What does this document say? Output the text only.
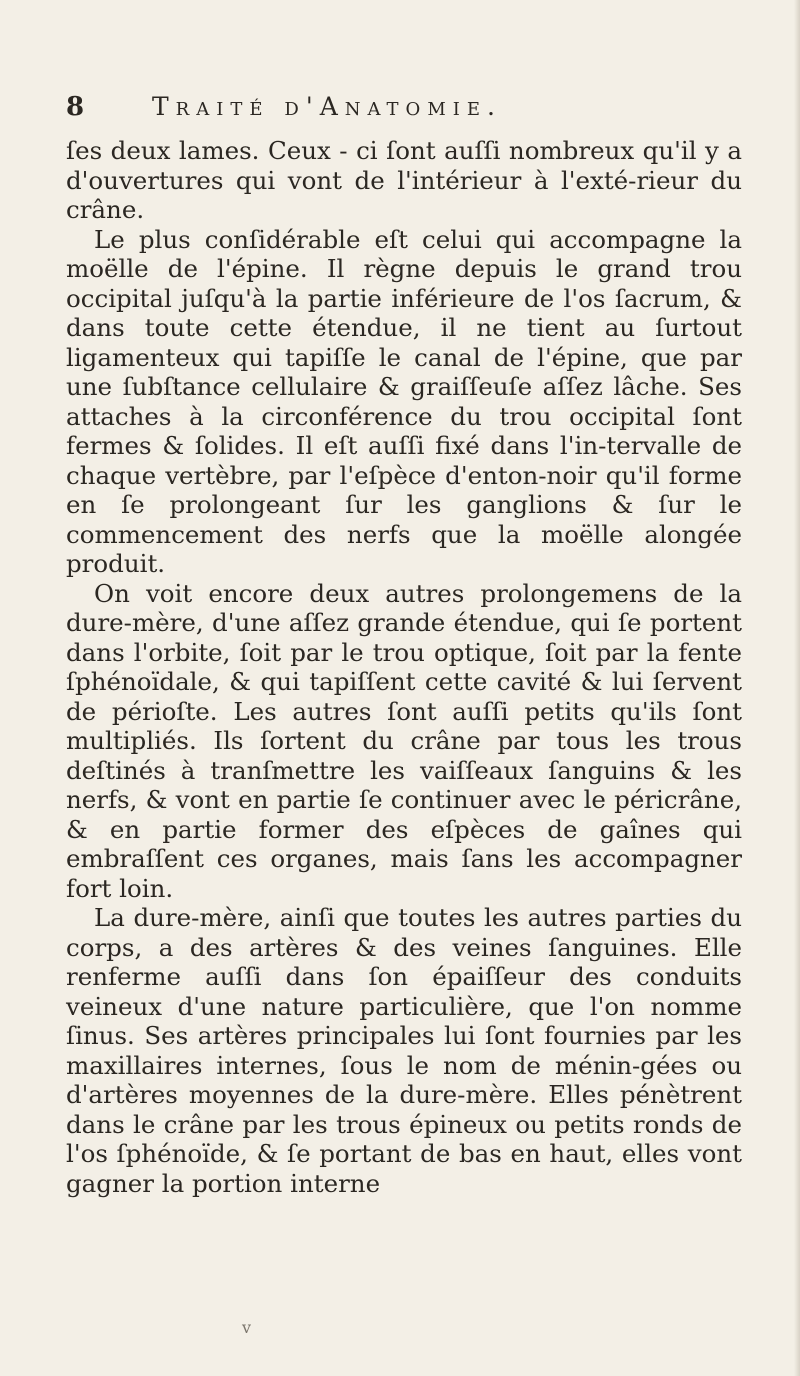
8	Traité d'Anatomie.

ſes deux lames. Ceux - ci ſont auſſi nombreux qu'il y a d'ouvertures qui vont de l'intérieur à l'exté-rieur du crâne.

Le plus conſidérable eſt celui qui accompagne la moëlle de l'épine. Il règne depuis le grand trou occipital juſqu'à la partie inférieure de l'os ſacrum, & dans toute cette étendue, il ne tient au ſurtout ligamenteux qui tapiſſe le canal de l'épine, que par une ſubſtance cellulaire & graiſſeuſe aſſez lâche. Ses attaches à la circonférence du trou occipital ſont fermes & ſolides. Il eſt auſſi fixé dans l'in-tervalle de chaque vertèbre, par l'eſpèce d'enton-noir qu'il forme en ſe prolongeant ſur les ganglions & ſur le commencement des nerfs que la moëlle alongée produit.

On voit encore deux autres prolongemens de la dure-mère, d'une aſſez grande étendue, qui ſe portent dans l'orbite, ſoit par le trou optique, ſoit par la fente ſphénoïdale, & qui tapiſſent cette cavité & lui ſervent de périoſte. Les autres ſont auſſi petits qu'ils ſont multipliés. Ils ſortent du crâne par tous les trous deſtinés à tranſmettre les vaiſſeaux ſanguins & les nerfs, & vont en partie ſe continuer avec le péricrâne, & en partie former des eſpèces de gaînes qui embraſſent ces organes, mais ſans les accompagner fort loin.

La dure-mère, ainſi que toutes les autres parties du corps, a des artères & des veines ſanguines. Elle renferme auſſi dans ſon épaiſſeur des conduits veineux d'une nature particulière, que l'on nomme ſinus. Ses artères principales lui ſont fournies par les maxillaires internes, ſous le nom de ménin-gées ou d'artères moyennes de la dure-mère. Elles pénètrent dans le crâne par les trous épineux ou petits ronds de l'os ſphénoïde, & ſe portant de bas en haut, elles vont gagner la portion interne

v
